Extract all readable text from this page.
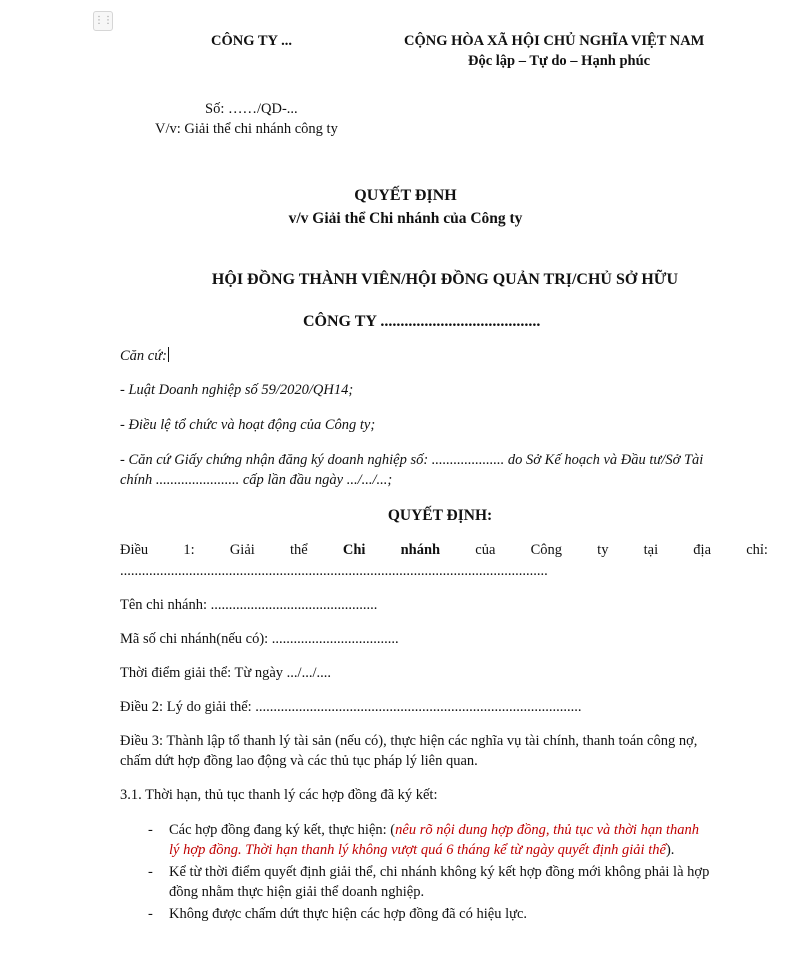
⋮⋮
CÔNG TY ...	CỘNG HÒA XÃ HỘI CHỦ NGHĨA VIỆT NAM
Độc lập – Tự do – Hạnh phúc
Số: ……/QD-...
V/v: Giải thể chi nhánh công ty
QUYẾT ĐỊNH
v/v Giải thể Chi nhánh của Công ty
HỘI ĐỒNG THÀNH VIÊN/HỘI ĐỒNG QUẢN TRỊ/CHỦ SỞ HỮU
CÔNG TY ........................................
Căn cứ:
- Luật Doanh nghiệp số 59/2020/QH14;
- Điều lệ tổ chức và hoạt động của Công ty;
- Căn cứ Giấy chứng nhận đăng ký doanh nghiệp số: .................... do Sở Kế hoạch và Đầu tư/Sở Tài
chính ....................... cấp lần đầu ngày .../.../...;
QUYẾT ĐỊNH:
Điều 1: Giải thể Chi nhánh của Công ty tại địa chỉ:
......................................................................................................................
Tên chi nhánh: ..............................................
Mã số chi nhánh(nếu có): ...................................
Thời điểm giải thể: Từ ngày .../.../....
Điều 2: Lý do giải thể: ..........................................................................................
Điều 3: Thành lập tổ thanh lý tài sản (nếu có), thực hiện các nghĩa vụ tài chính, thanh toán công nợ,
chấm dứt hợp đồng lao động và các thủ tục pháp lý liên quan.
3.1. Thời hạn, thủ tục thanh lý các hợp đồng đã ký kết:
- Các hợp đồng đang ký kết, thực hiện: (nêu rõ nội dung hợp đồng, thủ tục và thời hạn thanh
lý hợp đồng. Thời hạn thanh lý không vượt quá 6 tháng kể từ ngày quyết định giải thể).
- Kể từ thời điểm quyết định giải thể, chi nhánh không ký kết hợp đồng mới không phải là hợp
đồng nhằm thực hiện giải thể doanh nghiệp.
- Không được chấm dứt thực hiện các hợp đồng đã có hiệu lực.
